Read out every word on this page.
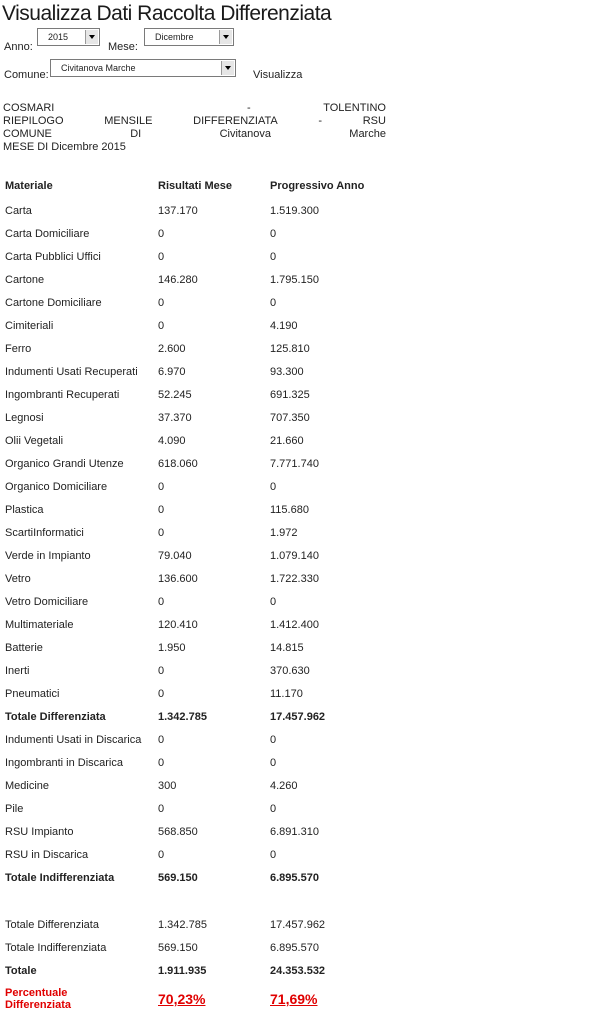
Visualizza Dati Raccolta Differenziata
Anno:
2015
Mese:
Dicembre
Comune:
Civitanova Marche
Visualizza
COSMARI	-	TOLENTINO
RIEPILOGO	MENSILE	DIFFERENZIATA	-	RSU
COMUNE	DI	Civitanova	Marche
MESE DI Dicembre 2015
Materiale	Risultati Mese	Progressivo Anno
Carta	137.170	1.519.300
Carta Domiciliare	0	0
Carta Pubblici Uffici	0	0
Cartone	146.280	1.795.150
Cartone Domiciliare	0	0
Cimiteriali	0	4.190
Ferro	2.600	125.810
Indumenti Usati Recuperati	6.970	93.300
Ingombranti Recuperati	52.245	691.325
Legnosi	37.370	707.350
Olii Vegetali	4.090	21.660
Organico Grandi Utenze	618.060	7.771.740
Organico Domiciliare	0	0
Plastica	0	115.680
ScartiInformatici	0	1.972
Verde in Impianto	79.040	1.079.140
Vetro	136.600	1.722.330
Vetro Domiciliare	0	0
Multimateriale	120.410	1.412.400
Batterie	1.950	14.815
Inerti	0	370.630
Pneumatici	0	11.170
Totale Differenziata	1.342.785	17.457.962
Indumenti Usati in Discarica	0	0
Ingombranti in Discarica	0	0
Medicine	300	4.260
Pile	0	0
RSU Impianto	568.850	6.891.310
RSU in Discarica	0	0
Totale Indifferenziata	569.150	6.895.570

Totale Differenziata	1.342.785	17.457.962
Totale Indifferenziata	569.150	6.895.570
Totale	1.911.935	24.353.532

Percentuale
Differenziata	70,23%	71,69%
